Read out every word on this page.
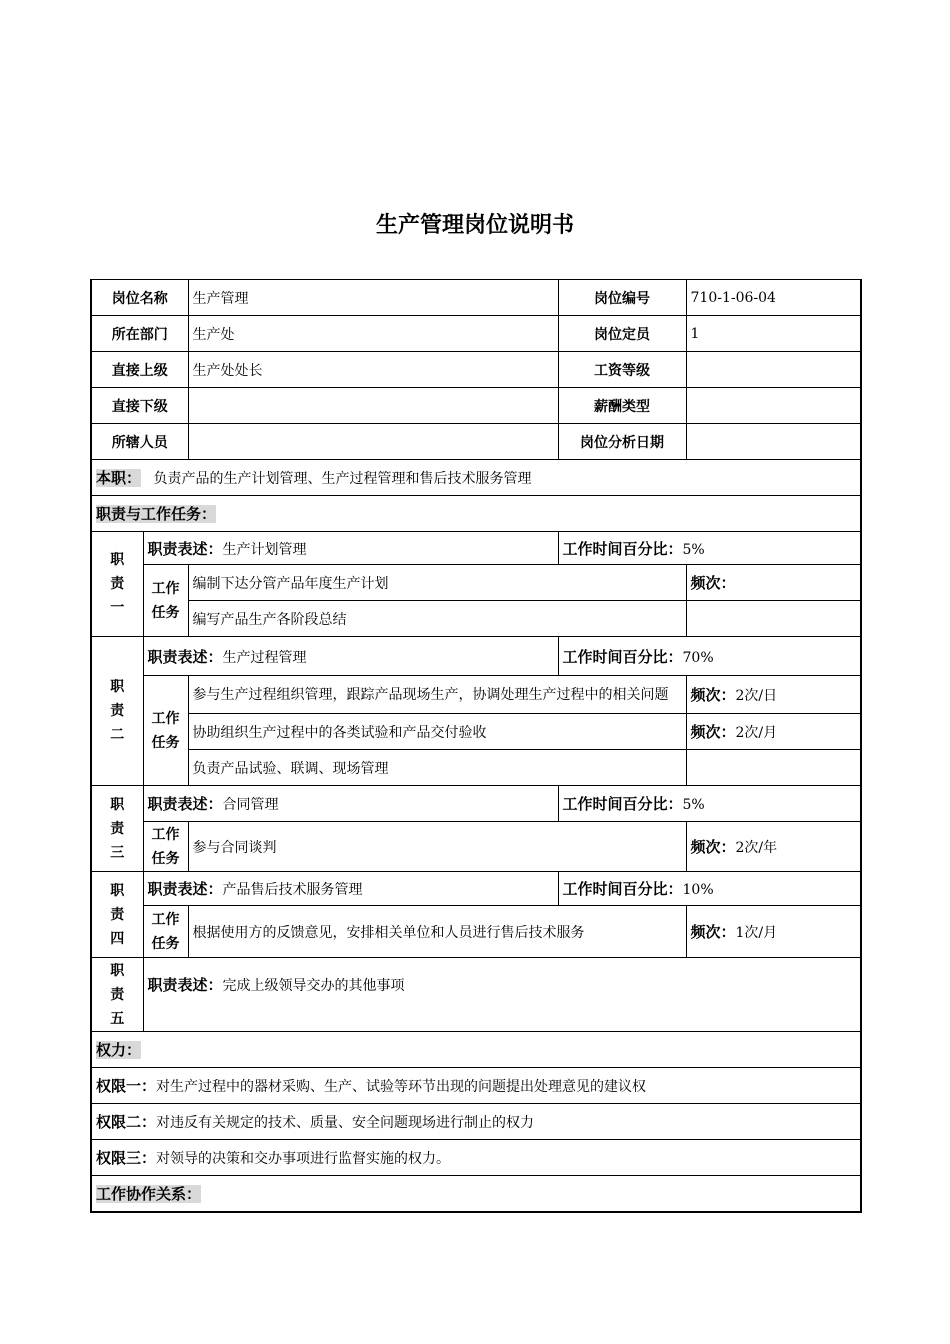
生产管理岗位说明书
岗位名称		生产管理	岗位编号	710-1-06-04
所在部门		生产处	岗位定员	1
直接上级		生产处处长	工资等级	
直接下级			薪酬类型	
所辖人员			岗位分析日期	
本职： 负责产品的生产计划管理、生产过程管理和售后技术服务管理				
职责与工作任务：				
职
责
一	职责表述：生产计划管理		工作时间百分比：5%	
	工作
任务	编制下达分管产品年度生产计划		频次：
		编写产品生产各阶段总结		
职
责
二	职责表述：生产过程管理		工作时间百分比：70%	
	工作
任务	参与生产过程组织管理，跟踪产品现场生产，协调处理生产过程中的相关问题		频次：2次/日
		协助组织生产过程中的各类试验和产品交付验收		频次：2次/月
		负责产品试验、联调、现场管理		
职
责
三	职责表述：合同管理		工作时间百分比：5%	
	工作
任务	参与合同谈判		频次：2次/年
职
责
四	职责表述：产品售后技术服务管理		工作时间百分比：10%	
	工作
任务	根据使用方的反馈意见，安排相关单位和人员进行售后技术服务		频次：1次/月
职
责
五	职责表述：完成上级领导交办的其他事项			
权力：				
权限一：对生产过程中的器材采购、生产、试验等环节出现的问题提出处理意见的建议权				
权限二：对违反有关规定的技术、质量、安全问题现场进行制止的权力				
权限三：对领导的决策和交办事项进行监督实施的权力。				
工作协作关系：				
